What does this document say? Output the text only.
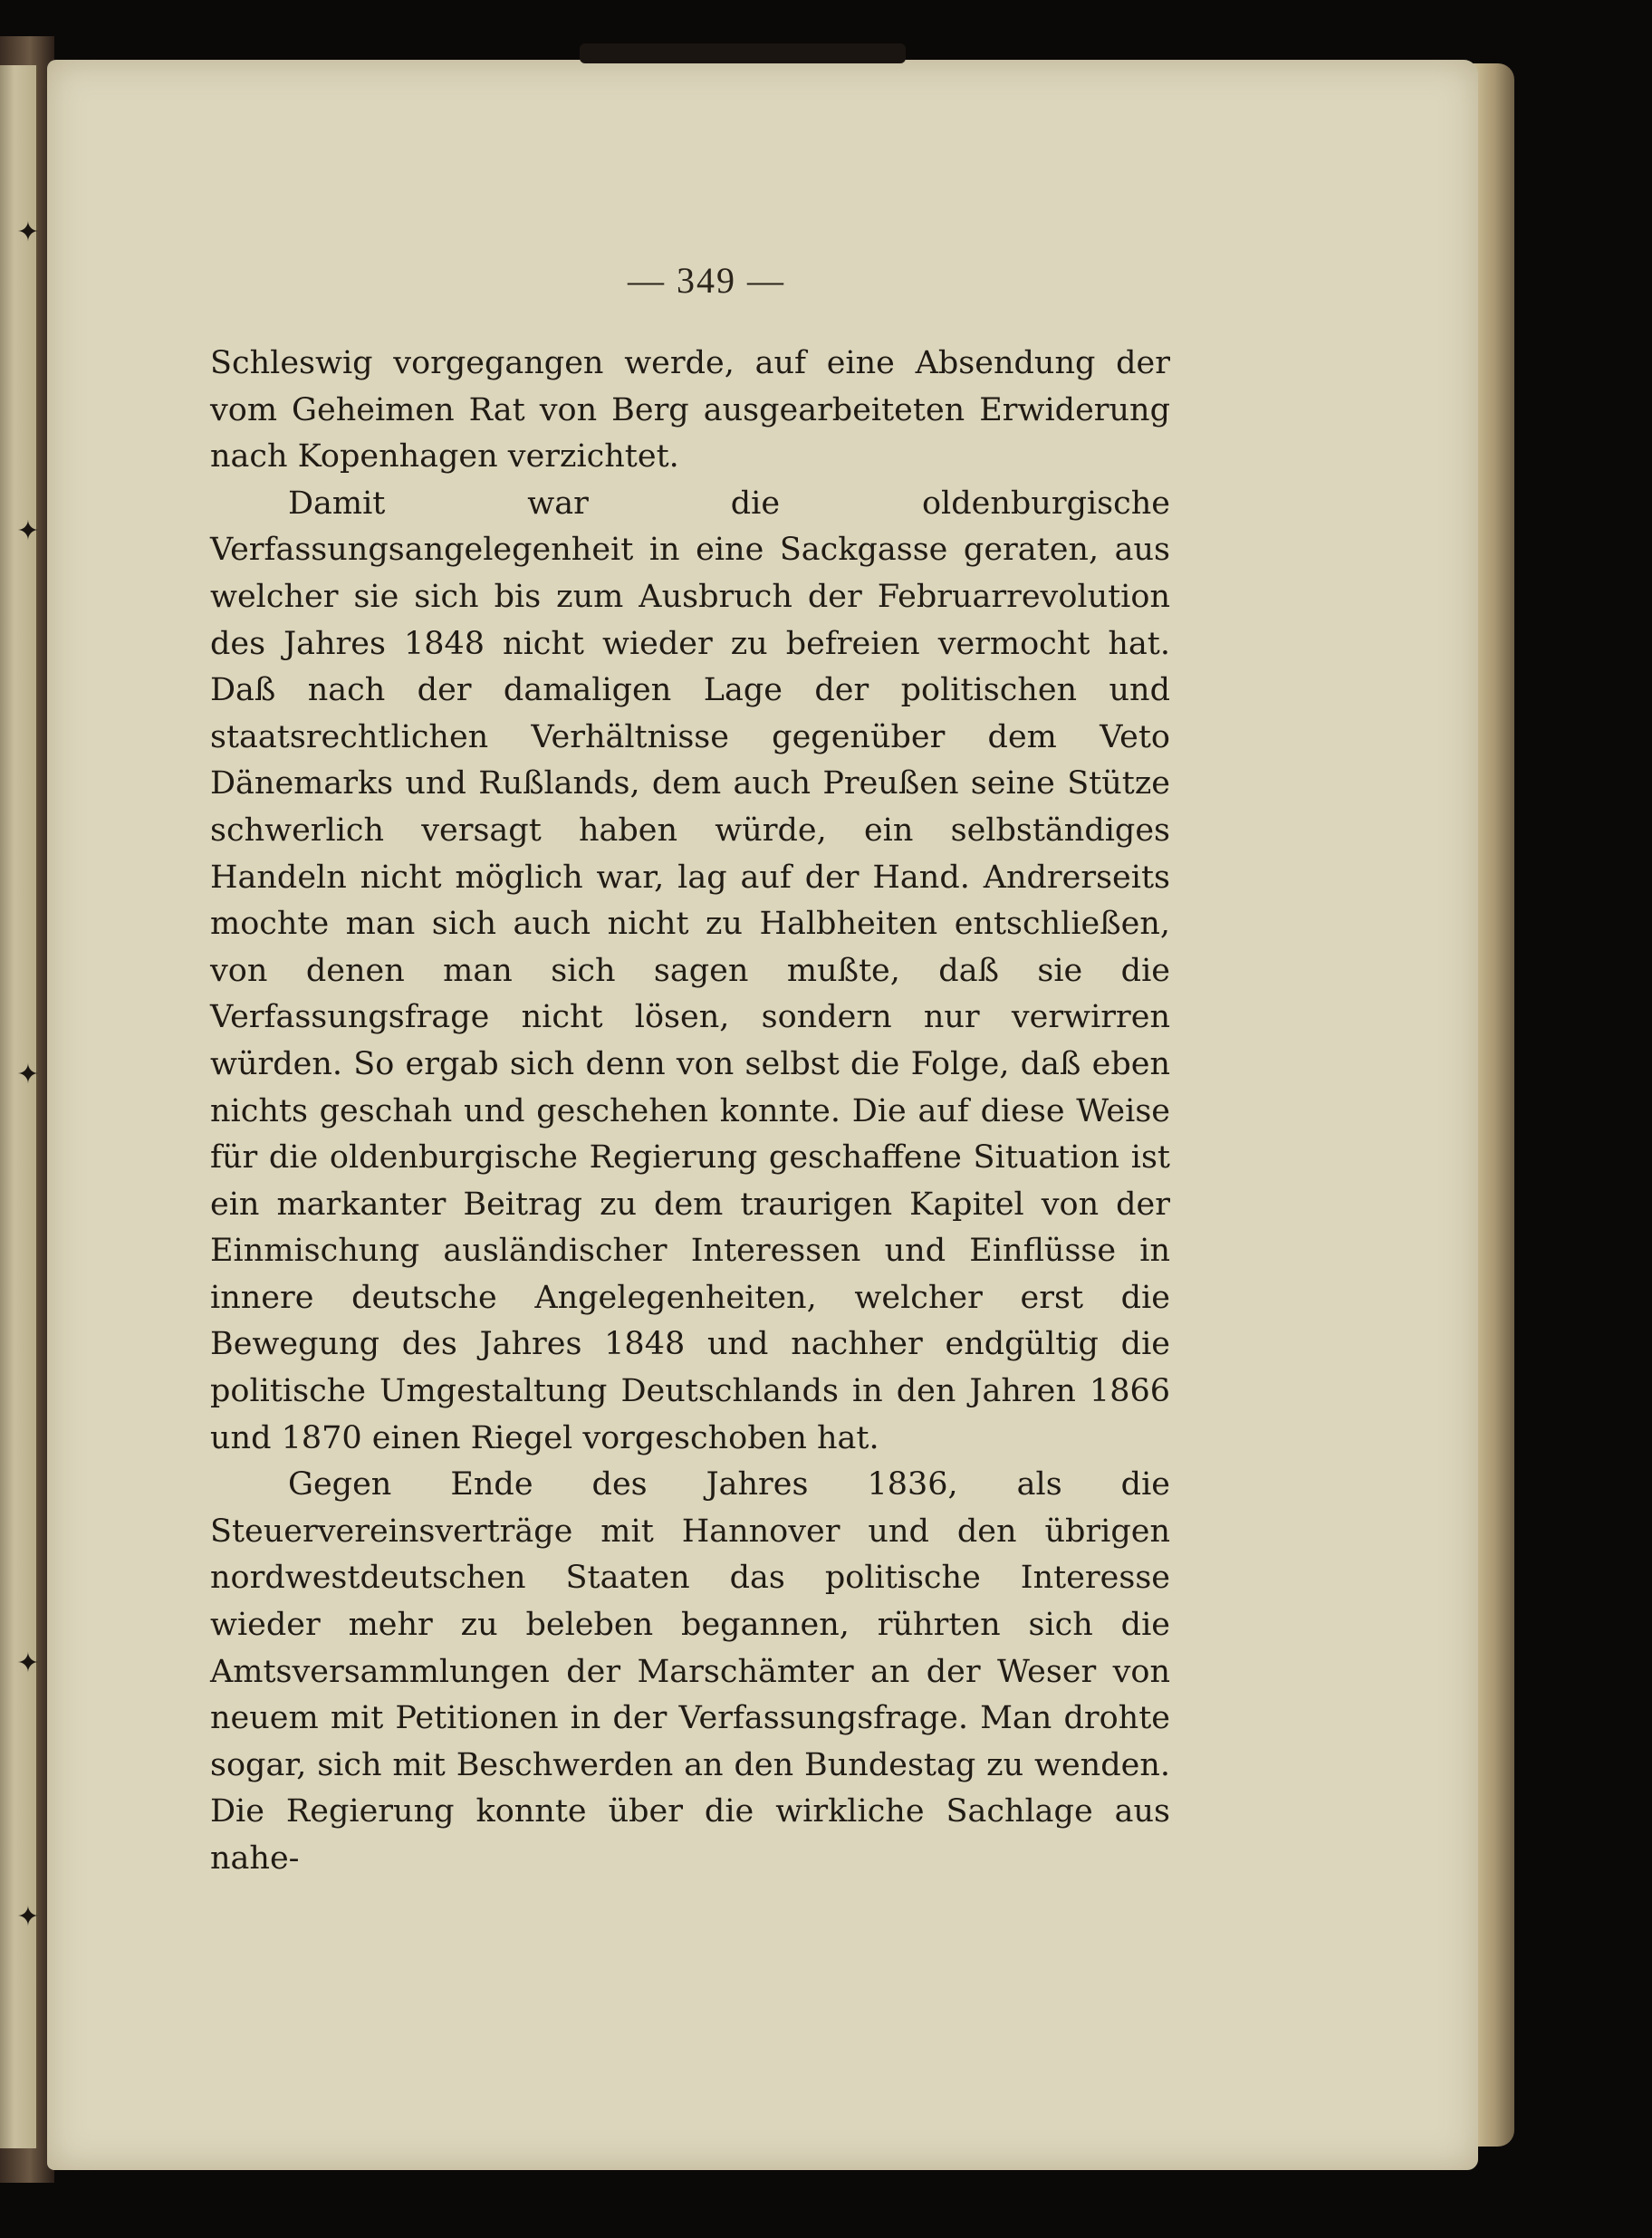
✦
✦
✦
✦
✦
— 349 —

Schleswig vorgegangen werde, auf eine Absendung der vom Geheimen Rat von Berg ausgearbeiteten Erwiderung nach Kopenhagen verzichtet.

Damit war die oldenburgische Verfassungsangelegenheit in eine Sackgasse geraten, aus welcher sie sich bis zum Ausbruch der Februarrevolution des Jahres 1848 nicht wieder zu befreien vermocht hat. Daß nach der damaligen Lage der politischen und staatsrechtlichen Verhältnisse gegenüber dem Veto Dänemarks und Rußlands, dem auch Preußen seine Stütze schwerlich versagt haben würde, ein selbständiges Handeln nicht möglich war, lag auf der Hand. Andrerseits mochte man sich auch nicht zu Halbheiten entschließen, von denen man sich sagen mußte, daß sie die Verfassungsfrage nicht lösen, sondern nur verwirren würden. So ergab sich denn von selbst die Folge, daß eben nichts geschah und geschehen konnte. Die auf diese Weise für die oldenburgische Regierung geschaffene Situation ist ein markanter Beitrag zu dem traurigen Kapitel von der Einmischung ausländischer Interessen und Einflüsse in innere deutsche Angelegenheiten, welcher erst die Bewegung des Jahres 1848 und nachher endgültig die politische Umgestaltung Deutschlands in den Jahren 1866 und 1870 einen Riegel vorgeschoben hat.

Gegen Ende des Jahres 1836, als die Steuervereinsverträge mit Hannover und den übrigen nordwestdeutschen Staaten das politische Interesse wieder mehr zu beleben begannen, rührten sich die Amtsversammlungen der Marschämter an der Weser von neuem mit Petitionen in der Verfassungsfrage. Man drohte sogar, sich mit Beschwerden an den Bundestag zu wenden. Die Regierung konnte über die wirkliche Sachlage aus nahe-
